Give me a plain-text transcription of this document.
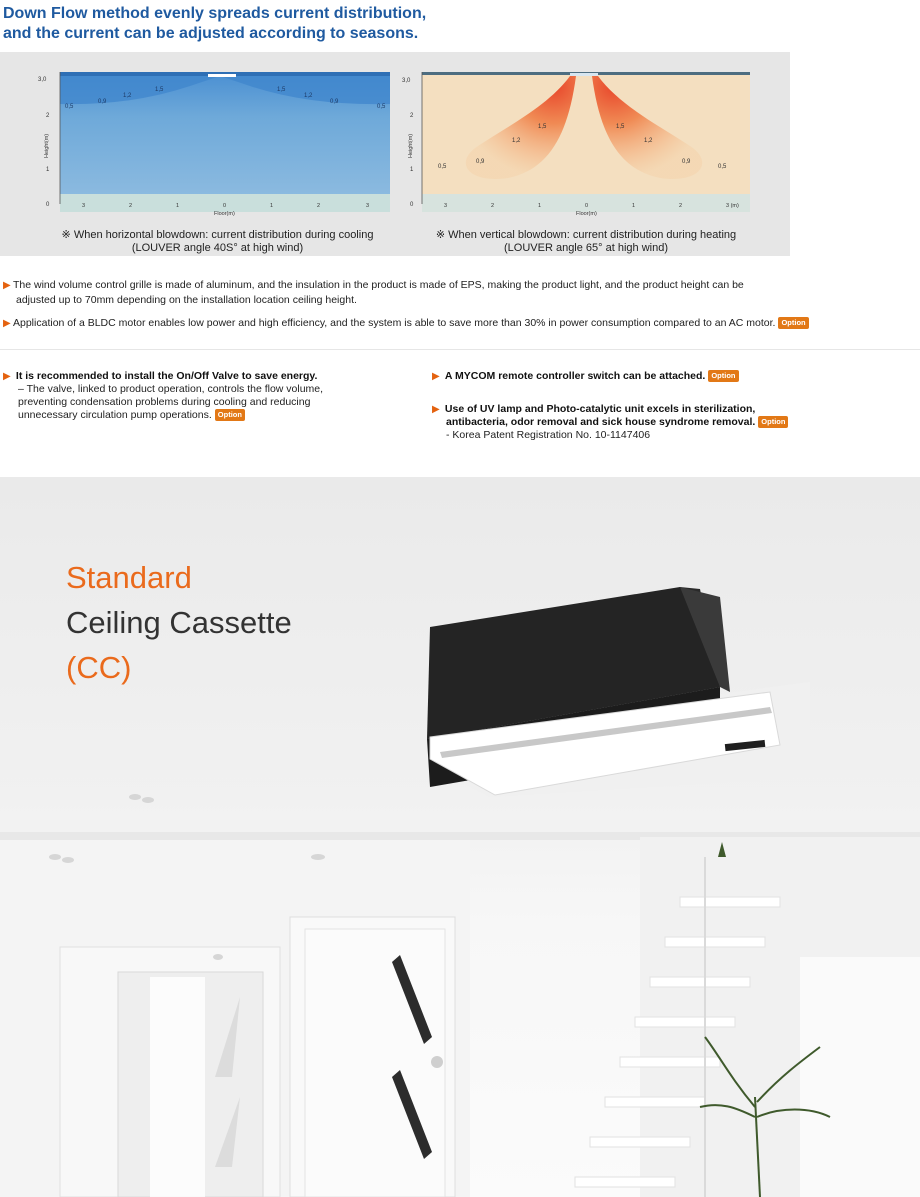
Down Flow method evenly spreads current distribution,
and the current can be adjusted according to seasons.
3,0
2
1
0
Height(m)
3	2	1	0	1	2	3
Floor(m)
0,5
0,9
1,2
1,5	1,5
1,2
0,9
0,5
※ When horizontal blowdown: current distribution during cooling
(LOUVER angle 40S° at high wind)
3,0
2
1
0
Height(m)
3	2	1	0	1	2	3 (m)
Floor(m)
0,5
0,9
1,2
1,5	1,5
1,2
0,9
0,5
※ When vertical blowdown: current distribution during heating
(LOUVER angle 65° at high wind)
▶ The wind volume control grille is made of aluminum, and the insulation in the product is made of EPS, making the product light, and the product height can be
adjusted up to 70mm depending on the installation location ceiling height.
▶ Application of a BLDC motor enables low power and high efficiency, and the system is able to save more than 30% in power consumption compared to an AC motor. Option
▶ It is recommended to install the On/Off Valve to save energy.
– The valve, linked to product operation, controls the flow volume,
preventing condensation problems during cooling and reducing
unnecessary circulation pump operations. Option
▶ A MYCOM remote controller switch can be attached. Option
▶ Use of UV lamp and Photo-catalytic unit excels in sterilization,
antibacteria, odor removal and sick house syndrome removal. Option
- Korea Patent Registration No. 10-1147406
Standard
Ceiling Cassette
(CC)
